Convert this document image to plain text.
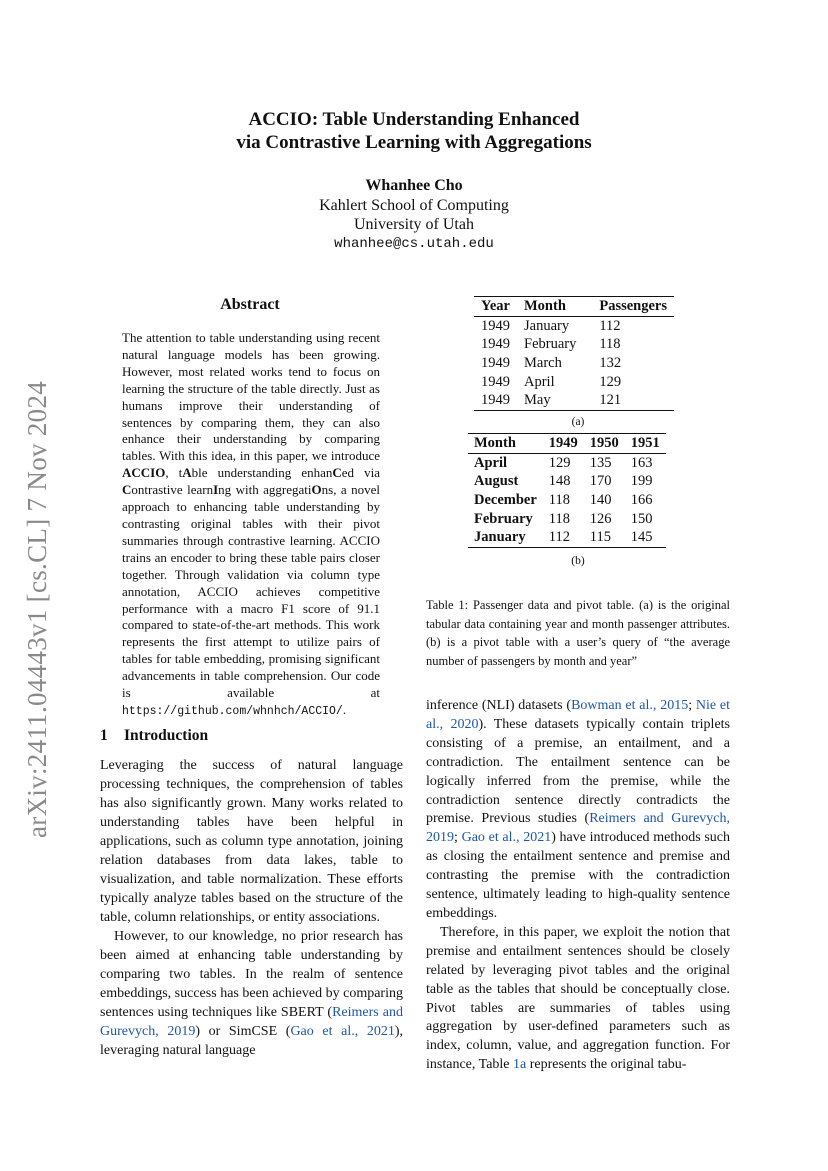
arXiv:2411.04443v1 [cs.CL] 7 Nov 2024
ACCIO: Table Understanding Enhanced
via Contrastive Learning with Aggregations
Whanhee Cho
Kahlert School of Computing
University of Utah
whanhee@cs.utah.edu
Abstract
The attention to table understanding using recent natural language models has been growing. However, most related works tend to focus on learning the structure of the table directly. Just as humans improve their understanding of sentences by comparing them, they can also enhance their understanding by comparing tables. With this idea, in this paper, we introduce ACCIO, tAble understanding enhanCed via Contrastive learnIng with aggregatiOns, a novel approach to enhancing table understanding by contrasting original tables with their pivot summaries through contrastive learning. ACCIO trains an encoder to bring these table pairs closer together. Through validation via column type annotation, ACCIO achieves competitive performance with a macro F1 score of 91.1 compared to state-of-the-art methods. This work represents the first attempt to utilize pairs of tables for table embedding, promising significant advancements in table comprehension. Our code is available at https://github.com/whnhch/ACCIO/.
1 Introduction

Leveraging the success of natural language processing techniques, the comprehension of tables has also significantly grown. Many works related to understanding tables have been helpful in applications, such as column type annotation, joining relation databases from data lakes, table to visualization, and table normalization. These efforts typically analyze tables based on the structure of the table, column relationships, or entity associations.

However, to our knowledge, no prior research has been aimed at enhancing table understanding by comparing two tables. In the realm of sentence embeddings, success has been achieved by comparing sentences using techniques like SBERT (Reimers and Gurevych, 2019) or SimCSE (Gao et al., 2021), leveraging natural language

Year	Month	Passengers
1949	January	112
1949	February	118
1949	March	132
1949	April	129
1949	May	121
(a)
Month	1949	1950	1951
April	129	135	163
August	148	170	199
December	118	140	166
February	118	126	150
January	112	115	145
(b)
Table 1: Passenger data and pivot table. (a) is the original tabular data containing year and month passenger attributes. (b) is a pivot table with a user’s query of “the average number of passengers by month and year”

inference (NLI) datasets (Bowman et al., 2015; Nie et al., 2020). These datasets typically contain triplets consisting of a premise, an entailment, and a contradiction. The entailment sentence can be logically inferred from the premise, while the contradiction sentence directly contradicts the premise. Previous studies (Reimers and Gurevych, 2019; Gao et al., 2021) have introduced methods such as closing the entailment sentence and premise and contrasting the premise with the contradiction sentence, ultimately leading to high-quality sentence embeddings.

Therefore, in this paper, we exploit the notion that premise and entailment sentences should be closely related by leveraging pivot tables and the original table as the tables that should be conceptually close. Pivot tables are summaries of tables using aggregation by user-defined parameters such as index, column, value, and aggregation function. For instance, Table 1a represents the original tabu-
